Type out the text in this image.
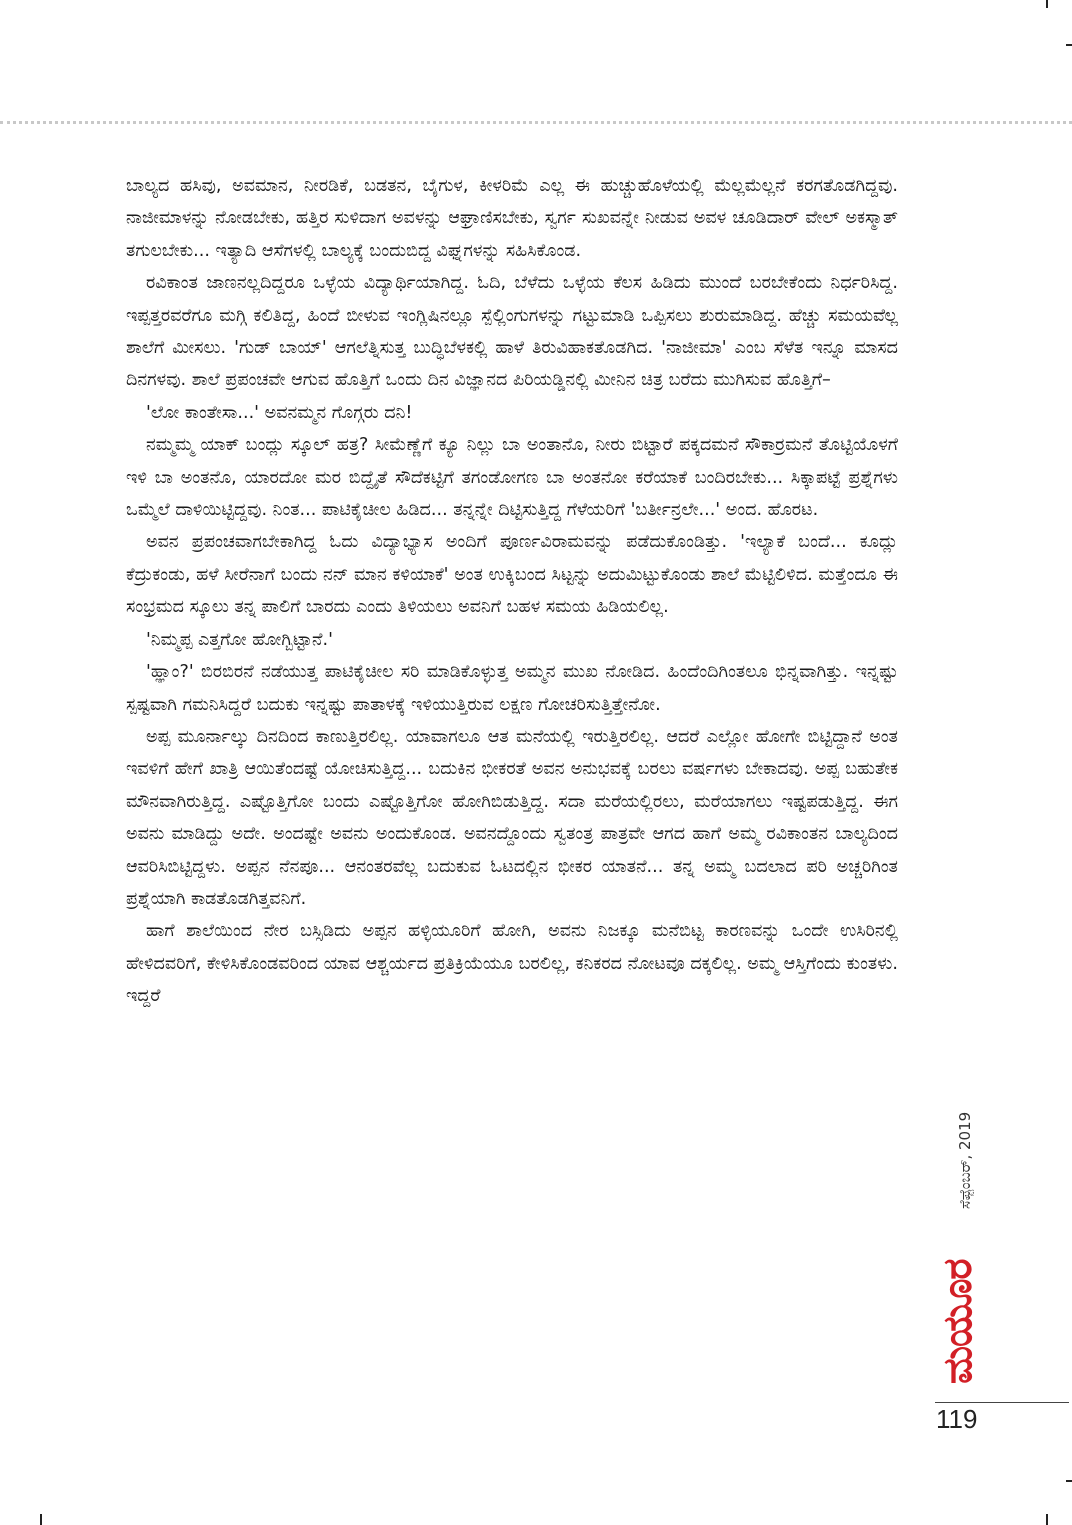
ಬಾಲ್ಯದ ಹಸಿವು, ಅವಮಾನ, ನೀರಡಿಕೆ, ಬಡತನ, ಬೈಗುಳ, ಕೀಳರಿಮೆ ಎಲ್ಲ ಈ ಹುಚ್ಚುಹೊಳೆಯಲ್ಲಿ ಮೆಲ್ಲಮೆಲ್ಲನೆ ಕರಗತೊಡಗಿದ್ದವು. ನಾಜೀಮಾಳನ್ನು ನೋಡಬೇಕು, ಹತ್ತಿರ ಸುಳಿದಾಗ ಅವಳನ್ನು ಆಘ್ರಾಣಿಸಬೇಕು, ಸ್ವರ್ಗ ಸುಖವನ್ನೇ ನೀಡುವ ಅವಳ ಚೂಡಿದಾರ್ ವೇಲ್ ಅಕಸ್ಮಾತ್ ತಗುಲಬೇಕು... ಇತ್ಯಾದಿ ಆಸೆಗಳಲ್ಲಿ ಬಾಲ್ಯಕ್ಕೆ ಬಂದುಬಿದ್ದ ವಿಘ್ನಗಳನ್ನು ಸಹಿಸಿಕೊಂಡ.

ರವಿಕಾಂತ ಜಾಣನಲ್ಲದಿದ್ದರೂ ಒಳ್ಳೆಯ ವಿದ್ಯಾರ್ಥಿಯಾಗಿದ್ದ. ಓದಿ, ಬೆಳೆದು ಒಳ್ಳೆಯ ಕೆಲಸ ಹಿಡಿದು ಮುಂದೆ ಬರಬೇಕೆಂದು ನಿರ್ಧರಿಸಿದ್ದ. ಇಪ್ಪತ್ತರವರೆಗೂ ಮಗ್ಗಿ ಕಲಿತಿದ್ದ, ಹಿಂದೆ ಬೀಳುವ ಇಂಗ್ಲಿಷಿನಲ್ಲೂ ಸ್ಪೆಲ್ಲಿಂಗುಗಳನ್ನು ಗಟ್ಟುಮಾಡಿ ಒಪ್ಪಿಸಲು ಶುರುಮಾಡಿದ್ದ. ಹೆಚ್ಚು ಸಮಯವೆಲ್ಲ ಶಾಲೆಗೆ ಮೀಸಲು. 'ಗುಡ್ ಬಾಯ್' ಆಗಲೆತ್ನಿಸುತ್ತ ಬುದ್ಧಿಬೆಳಕಲ್ಲಿ ಹಾಳೆ ತಿರುವಿಹಾಕತೊಡಗಿದ. 'ನಾಜೀಮಾ' ಎಂಬ ಸೆಳೆತ ಇನ್ನೂ ಮಾಸದ ದಿನಗಳವು. ಶಾಲೆ ಪ್ರಪಂಚವೇ ಆಗುವ ಹೊತ್ತಿಗೆ ಒಂದು ದಿನ ವಿಜ್ಞಾನದ ಪಿರಿಯಡ್ಡಿನಲ್ಲಿ ಮೀನಿನ ಚಿತ್ರ ಬರೆದು ಮುಗಿಸುವ ಹೊತ್ತಿಗೆ–

'ಲೋ ಕಾಂತೇಸಾ...' ಅವನಮ್ಮನ ಗೊಗ್ಗರು ದನಿ!

ನಮ್ಮಮ್ಮ ಯಾಕ್ ಬಂದ್ಲು ಸ್ಕೂಲ್ ಹತ್ರ? ಸೀಮೆಣ್ಣೆಗೆ ಕ್ಯೂ ನಿಲ್ಲು ಬಾ ಅಂತಾನೊ, ನೀರು ಬಿಟ್ಟಾರೆ ಪಕ್ಕದಮನೆ ಸೌಕಾರ್ರಮನೆ ತೊಟ್ಟಿಯೊಳಗೆ ಇಳಿ ಬಾ ಅಂತನೊ, ಯಾರದೋ ಮರ ಬಿದ್ದೈತೆ ಸೌದೆಕಟ್ಟಿಗೆ ತಗಂಡೋಗಣ ಬಾ ಅಂತನೋ ಕರೆಯಾಕೆ ಬಂದಿರಬೇಕು... ಸಿಕ್ಕಾಪಟ್ಟೆ ಪ್ರಶ್ನೆಗಳು ಒಮ್ಮೆಲೆ ದಾಳಿಯಿಟ್ಟಿದ್ದವು. ನಿಂತ... ಪಾಟಿಕೈಚೀಲ ಹಿಡಿದ... ತನ್ನನ್ನೇ ದಿಟ್ಟಿಸುತ್ತಿದ್ದ ಗೆಳೆಯರಿಗೆ 'ಬರ್ತೀನ್ರಲೇ...' ಅಂದ. ಹೊರಟ.

ಅವನ ಪ್ರಪಂಚವಾಗಬೇಕಾಗಿದ್ದ ಓದು ವಿದ್ಯಾಭ್ಯಾಸ ಅಂದಿಗೆ ಪೂರ್ಣವಿರಾಮವನ್ನು ಪಡೆದುಕೊಂಡಿತ್ತು. 'ಇಲ್ಯಾಕೆ ಬಂದೆ... ಕೂದ್ಲು ಕೆದ್ರುಕಂಡು, ಹಳೆ ಸೀರೆನಾಗೆ ಬಂದು ನನ್ ಮಾನ ಕಳಿಯಾಕೆ' ಅಂತ ಉಕ್ಕಿಬಂದ ಸಿಟ್ಟನ್ನು ಅದುಮಿಟ್ಟುಕೊಂಡು ಶಾಲೆ ಮೆಟ್ಟಿಲಿಳಿದ. ಮತ್ತೆಂದೂ ಈ ಸಂಭ್ರಮದ ಸ್ಕೂಲು ತನ್ನ ಪಾಲಿಗೆ ಬಾರದು ಎಂದು ತಿಳಿಯಲು ಅವನಿಗೆ ಬಹಳ ಸಮಯ ಹಿಡಿಯಲಿಲ್ಲ.

'ನಿಮ್ಮಪ್ಪ ಎತ್ತಗೋ ಹೋಗ್ಬಿಟ್ಟಾನೆ.'

'ಹ್ಞಾಂ?' ಬಿರಬಿರನೆ ನಡೆಯುತ್ತ ಪಾಟಿಕೈಚೀಲ ಸರಿ ಮಾಡಿಕೊಳ್ಳುತ್ತ ಅಮ್ಮನ ಮುಖ ನೋಡಿದ. ಹಿಂದೆಂದಿಗಿಂತಲೂ ಭಿನ್ನವಾಗಿತ್ತು. ಇನ್ನಷ್ಟು ಸ್ಪಷ್ಟವಾಗಿ ಗಮನಿಸಿದ್ದರೆ ಬದುಕು ಇನ್ನಷ್ಟು ಪಾತಾಳಕ್ಕೆ ಇಳಿಯುತ್ತಿರುವ ಲಕ್ಷಣ ಗೋಚರಿಸುತ್ತಿತ್ತೇನೋ.

ಅಪ್ಪ ಮೂರ್ನಾಲ್ಕು ದಿನದಿಂದ ಕಾಣುತ್ತಿರಲಿಲ್ಲ. ಯಾವಾಗಲೂ ಆತ ಮನೆಯಲ್ಲಿ ಇರುತ್ತಿರಲಿಲ್ಲ. ಆದರೆ ಎಲ್ಲೋ ಹೋಗೇ ಬಿಟ್ಟಿದ್ದಾನೆ ಅಂತ ಇವಳಿಗೆ ಹೇಗೆ ಖಾತ್ರಿ ಆಯಿತೆಂದಷ್ಟೆ ಯೋಚಿಸುತ್ತಿದ್ದ... ಬದುಕಿನ ಭೀಕರತೆ ಅವನ ಅನುಭವಕ್ಕೆ ಬರಲು ವರ್ಷಗಳು ಬೇಕಾದವು. ಅಪ್ಪ ಬಹುತೇಕ ಮೌನವಾಗಿರುತ್ತಿದ್ದ. ಎಷ್ಟೊತ್ತಿಗೋ ಬಂದು ಎಷ್ಟೊತ್ತಿಗೋ ಹೋಗಿಬಿಡುತ್ತಿದ್ದ. ಸದಾ ಮರೆಯಲ್ಲಿರಲು, ಮರೆಯಾಗಲು ಇಷ್ಟಪಡುತ್ತಿದ್ದ. ಈಗ ಅವನು ಮಾಡಿದ್ದು ಅದೇ. ಅಂದಷ್ಟೇ ಅವನು ಅಂದುಕೊಂಡ. ಅವನದ್ದೊಂದು ಸ್ವತಂತ್ರ ಪಾತ್ರವೇ ಆಗದ ಹಾಗೆ ಅಮ್ಮ ರವಿಕಾಂತನ ಬಾಲ್ಯದಿಂದ ಆವರಿಸಿಬಿಟ್ಟಿದ್ದಳು. ಅಪ್ಪನ ನೆನಪೂ... ಆನಂತರವೆಲ್ಲ ಬದುಕುವ ಓಟದಲ್ಲಿನ ಭೀಕರ ಯಾತನೆ... ತನ್ನ ಅಮ್ಮ ಬದಲಾದ ಪರಿ ಅಚ್ಚರಿಗಿಂತ ಪ್ರಶ್ನೆಯಾಗಿ ಕಾಡತೊಡಗಿತ್ತವನಿಗೆ.

ಹಾಗೆ ಶಾಲೆಯಿಂದ ನೇರ ಬಸ್ಸಿಡಿದು ಅಪ್ಪನ ಹಳ್ಳಿಯೂರಿಗೆ ಹೋಗಿ, ಅವನು ನಿಜಕ್ಕೂ ಮನೆಬಿಟ್ಟ ಕಾರಣವನ್ನು ಒಂದೇ ಉಸಿರಿನಲ್ಲಿ ಹೇಳಿದವರಿಗೆ, ಕೇಳಿಸಿಕೊಂಡವರಿಂದ ಯಾವ ಆಶ್ಚರ್ಯದ ಪ್ರತಿಕ್ರಿಯೆಯೂ ಬರಲಿಲ್ಲ, ಕನಿಕರದ ನೋಟವೂ ದಕ್ಕಲಿಲ್ಲ. ಅಮ್ಮ ಆಸ್ತಿಗೆಂದು ಕುಂತಳು. ಇದ್ದರೆ

ಸೆಪ್ಟೆಂಬರ್, 2019
ಮಯೂರ
119
